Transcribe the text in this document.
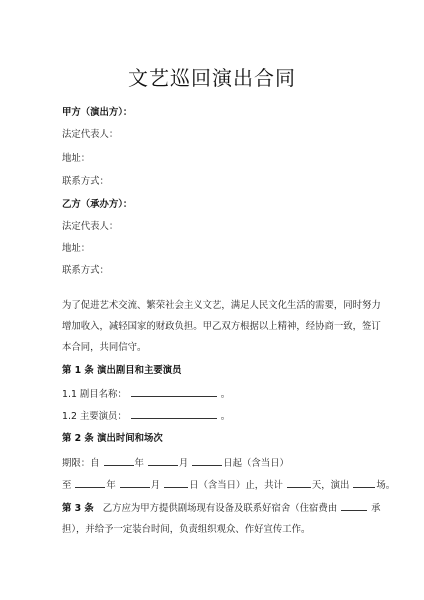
文艺巡回演出合同
甲方（演出方）：
法定代表人：
地址：
联系方式：
乙方（承办方）：
法定代表人：
地址：
联系方式：
为了促进艺术交流、繁荣社会主义文艺，满足人民文化生活的需要，同时努力
增加收入，减轻国家的财政负担。甲乙双方根据以上精神，经协商一致，签订
本合同，共同信守。
第 1 条 演出剧目和主要演员
1.1 剧目名称：	。
1.2 主要演员：	。
第 2 条 演出时间和场次
期限：自	年	月	日起（含当日）
至	年	月	日（含当日）止，共计	天，演出	场。
第 3 条 乙方应为甲方提供剧场现有设备及联系好宿舍（住宿费由	承
担），并给予一定装台时间，负责组织观众、作好宣传工作。
